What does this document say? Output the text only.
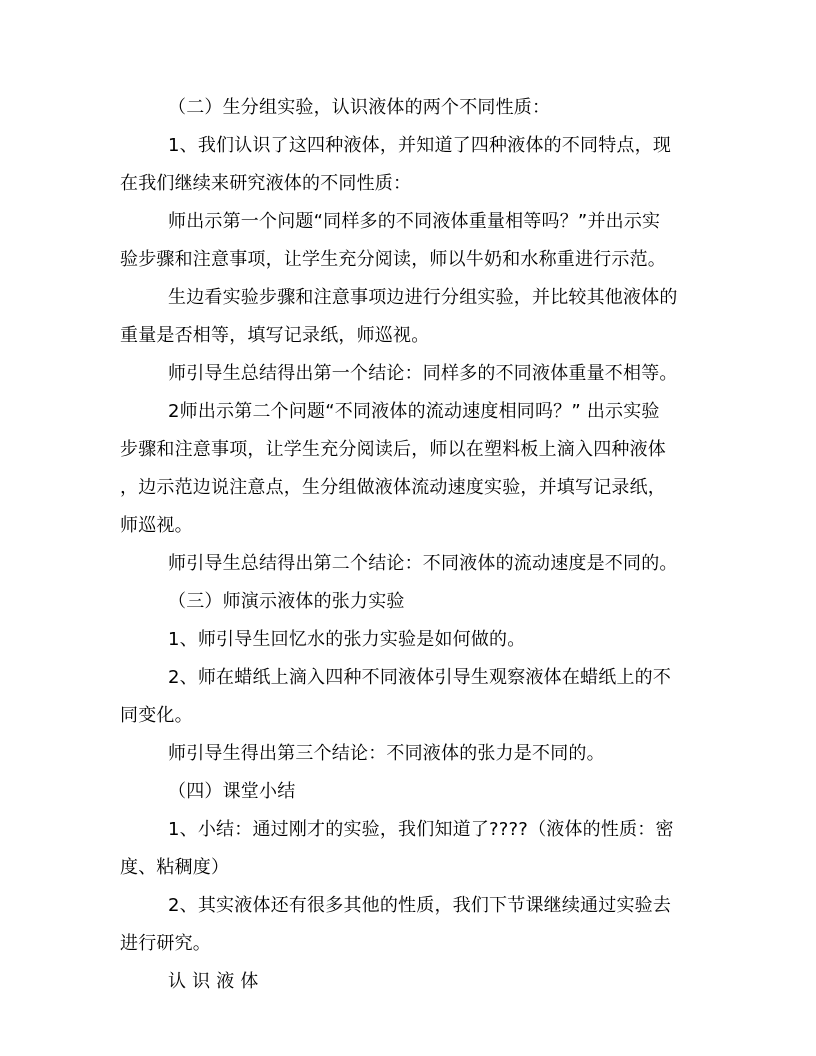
（二）生分组实验，认识液体的两个不同性质：
1、我们认识了这四种液体，并知道了四种液体的不同特点，现
在我们继续来研究液体的不同性质：
师出示第一个问题“同样多的不同液体重量相等吗？”并出示实
验步骤和注意事项，让学生充分阅读，师以牛奶和水称重进行示范。
生边看实验步骤和注意事项边进行分组实验，并比较其他液体的
重量是否相等，填写记录纸，师巡视。
师引导生总结得出第一个结论：同样多的不同液体重量不相等。
2师出示第二个问题“不同液体的流动速度相同吗？” 出示实验
步骤和注意事项，让学生充分阅读后，师以在塑料板上滴入四种液体
，边示范边说注意点，生分组做液体流动速度实验，并填写记录纸，
师巡视。
师引导生总结得出第二个结论：不同液体的流动速度是不同的。
（三）师演示液体的张力实验
1、师引导生回忆水的张力实验是如何做的。
2、师在蜡纸上滴入四种不同液体引导生观察液体在蜡纸上的不
同变化。
师引导生得出第三个结论：不同液体的张力是不同的。
（四）课堂小结
1、小结：通过刚才的实验，我们知道了????（液体的性质：密
度、粘稠度）
2、其实液体还有很多其他的性质，我们下节课继续通过实验去
进行研究。
认 识 液 体
